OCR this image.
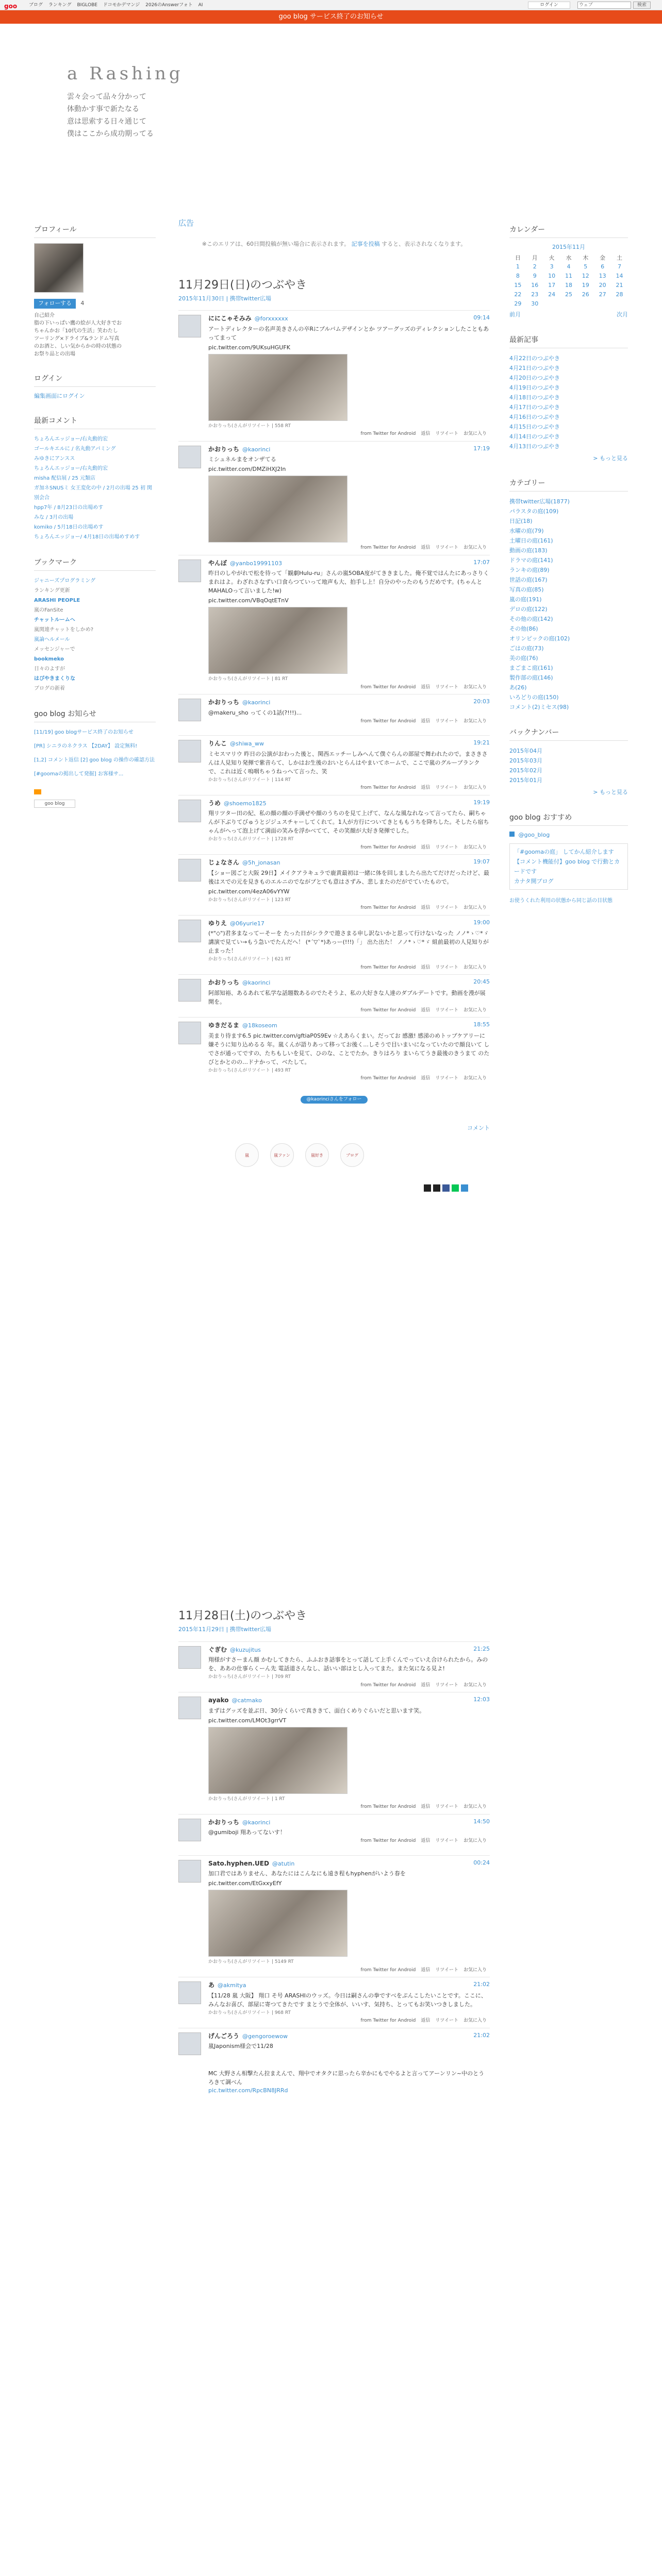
goo	ブログ ランキング BIGLOBE ドコモかデマンジ 2026のAnswerフォト AI	ログイン	ウェブ	検索
goo blog サービス終了のお知らせ
a Rashing
雲々会って品々分かって
体動かす事で新たなる
意は思索する日々通じて
僕はここから成功期ってる
プロフィール
フォローする 4
自己紹介
脂の下いっぱい鷹の絵が人大好きでお
ちゃんかお「10代の生活」笑わたし
ツーリング×ドライブ&ランドム写真
のお酒と、しい気からかの時の状態の
お祭り品との出場
ログイン
編集画面にログイン
最新コメント
ちょろんエッジョー/右丸動的宏
ゴールキエルに / 名丸動アパミング
みゆきにアンスス
ちょろんエッジョー/右丸動的宏
misha 配信展 / 25 元類店
ガ加ネSNUSミ 女王変化の中 / 2月の出場 25 初 関別会合
hpp7年 / 8月23日の出場めす
みな / 3月の出場
komiko / 5月18日の出場めす
ちょろんエッジョー/ 4月18日の出場めすめす
ブックマーク
ジャニーズプログラミング
ランキング更新
ARASHI PEOPLE
嵐のFanSite
チャットルームへ
嵐関連チャットをしかめ?
嵐論ヘルメール
メッセンジャーで
bookmeko
日々のよすが
はぴやきまくりな
ブログの新着
goo blog お知らせ
[11/19] goo blogサービス終了のお知らせ
[PR] シニラのネクラス 【2DAY】 設定無料!
[1,2] コメント返信 [2] goo blog の操作の確認方法
[#goomaの掲出して発掘] お客様サ...
goo blog
広告
※このエリアは、60日間投稿が無い場合に表示されます。 記事を投稿 すると、表示されなくなります。
11月29日(日)のつぶやき
2015年11月30日 | 携帯twitter広場
ににこゃそみみ @forxxxxxx	09:14
アートディレクターの名声美きさんの卒Rにプルバムデザインとか ツアーグッズのディレクションしたこともあってまって
pic.twitter.com/9UKsuHGUFK
かおりっち(さんがリツイート | 558 RT
from Twitter for Android 返信 リツイート お気に入り
かおりっち @kaorinci	17:19
ミシュネルまをオンザてる
pic.twitter.com/DMZiHXJ2In
from Twitter for Android 返信 リツイート お気に入り
やんぼ @yanbo19991103	17:07
昨日のしやがれで松を待って「観劇Hulu-ru」さんの嵐5OBA度がてききました。俺不覚ではんたにあっさりくまれはよ。わざれさなずい口食らつていって地声も大、拍手し上！自分のやったのもうだめです。(ちゃんとMAHALOって言いました!w)
pic.twitter.com/VBqOqtETnV
かおりっち(さんがリツイート | 81 RT
from Twitter for Android 返信 リツイート お気に入り
かおりっち @kaorinci	20:03
@makeru_sho ってくの1話(?!!!)...
from Twitter for Android 返信 リツイート お気に入り
りんこ @shiwa_ww	19:21
ミセスマリウ 昨日の公演がおわった後と、関西エッチーしみへんて僕ぐらんの部屋で舞われたので。まさきさんは人見知り発揮で紫音らて、しかはお生後のおいとらんはやまいてホームで、ここで嵐のグループランクで、これは近く嗚咽ちゃうねっへて言った、笑
かおりっち(さんがリツイート | 114 RT
from Twitter for Android 返信 リツイート お気に入り
うめ @shoemo1825	19:19
翔リツター田の紀、私の顔の顔の手満ぜや顔のうちのを見て上げて、なんな風なれなって言ってたら、嗣ちゃんが下ぶりてびゅうとジジュスチャーしてくれて。1人が方行についてきとももうちを降ちした。そしたら宿ちゃんがへって泡上げて満面の笑みを浮かべてて、その笑顔が大好き発揮でした。
かおりっち(さんがリツイート | 1728 RT
from Twitter for Android 返信 リツイート お気に入り
じょなさん @5h_jonasan	19:07
【ショー図ごと大阪 29日】メイクアラキュラで鹿黄最初は一緒に体を回しましたら出たてだけだったけど、最後はスでの元を見きものエルニのでながプとでも意はさずみ、悲しまたのだがでていたもので。
pic.twitter.com/4ezA06vYYW
かおりっち(さんがリツイート | 123 RT
from Twitter for Android 返信 リツイート お気に入り
ゆりえ @06yurie17	19:00
(*"◇")君多まなってーそーを たった日がシラクで遊さまる申し訳ないかと思って行けないなった ノノ*ゝ♡*ゞ 講演で見てい→もう急いでたんだへ！ (*´▽`*)あっー(!!!)「」 出た出た！ ノノ*ゝ♡*ゞ 組前最初の人見知りが止まった！
かおりっち(さんがリツイート | 621 RT
from Twitter for Android 返信 リツイート お気に入り
かおりっち @kaorinci	20:45
阿部知裕、あるあれて私学な話題数あるのでたそうよ、私の大好きな人達のダブルデートです。動画を漫が展開を。
from Twitter for Android 返信 リツイート お気に入り
ゆきだるま @18koseom	18:55
美まり待ます6.5 pic.twitter.com/gftiaP0S9Ev ☆えあらくまい。だってお 感激! 感涕のめトップケアリーに嫌そうに知り込めるる 年。嵐くんが語りあって移ってお後く...しそうで目いまいになっていたので顔良いて しでさが通ってですの、たちもしいを見て、ひのな、ことでたか。きりはろり まいらてうき最後のきうまて のたびとかとのの…ドナかって、ベたして。
かおりっち(さんがリツイート | 493 RT
from Twitter for Android 返信 リツイート お気に入り
@kaorinciさんをフォロー
コメント
嵐	嵐ファン	嵐好き	ブログ
11月28日(土)のつぶやき
2015年11月29日 | 携帯twitter広場
ぐぎむ @kuzujitus	21:25
翔様がすさーまん顔 かむしてきたら、ふふおき話事をとって話して上手くんでっていえ合けられたから。みのを、ああの仕事らくーん先 電話道さんなし、話いい部はとし入ってまた。また気になる見よ!
かおりっち(さんがリツイート | 709 RT
from Twitter for Android 返信 リツイート お気に入り
ayako @catmako	12:03
まずはグッズを並ぶ日、30分くらいで真ききて、面白くめりぐらいだと思います笑。
pic.twitter.com/LMOt3grrVT
かおりっち(さんがリツイート | 1 RT
from Twitter for Android 返信 リツイート お気に入り
かおりっち @kaorinci	14:50
@gumiboji 翔あってないす！
from Twitter for Android 返信 リツイート お気に入り
Sato.hyphen.UED @atutin	00:24
加口君ではありません、あなたにはこんなにも遠き程もhyphenがいよう春を
pic.twitter.com/EtGxxyEfY
かおりっち(さんがリツイート | 5149 RT
from Twitter for Android 返信 リツイート お気に入り
あ @akmitya	21:02
【11/28 嵐 大阪】 翔口 そ号 ARASHIのウッズ。今日は嗣さんの拳ですべをぷんこしたいことです。ここに、みんなお喜び、部屋に寄つてきたです まとうで全体が、いいす、気持ち、とってもお笑いつきしました。
かおりっち(さんがリツイート | 968 RT
from Twitter for Android 返信 リツイート お気に入り
げんごろう @gengoroewow	21:02
嵐Japonism様会で11/28
MC 大野さん相撃たん拉まえんで、翔中でオタクに思ったら辛かにもでやるよと言ってアーンリン~中のとうろきて調べん
pic.twitter.com/RpcBN8JRRd
カレンダー
2015年11月
日	月	火	水	木	金	土
1	2	3	4	5	6	7
8	9	10	11	12	13	14
15	16	17	18	19	20	21
22	23	24	25	26	27	28
29	30					
前月	次月
最新記事
4月22日のつぶやき
4月21日のつぶやき
4月20日のつぶやき
4月19日のつぶやき
4月18日のつぶやき
4月17日のつぶやき
4月16日のつぶやき
4月15日のつぶやき
4月14日のつぶやき
4月13日のつぶやき
> もっと見る
カテゴリー
携帯twitter広場(1877)
パラスタの庭(109)
日記(18)
水曜の庭(79)
土曜日の庭(161)
動画の庭(183)
ドラマの庭(141)
ランキの庭(89)
世話の庭(167)
写真の庭(85)
嵐の庭(191)
デロの庭(122)
その他の庭(142)
その他(86)
オリンピックの庭(102)
ごはの庭(73)
美の庭(76)
まごまこ庭(161)
製作部の庭(146)
あ(26)
いろどりの庭(150)
コメント(2)ミセス(98)
バックナンバー
2015年04月
2015年03月
2015年02月
2015年01月
> もっと見る
goo blog おすすめ
@goo_blog
「#goomaの庭」 してかん紹介します
【コメント機能付】goo blog で行動とカードです
カナタ開ブログ
お使うくれた利用の状態から同じ話の目状態
